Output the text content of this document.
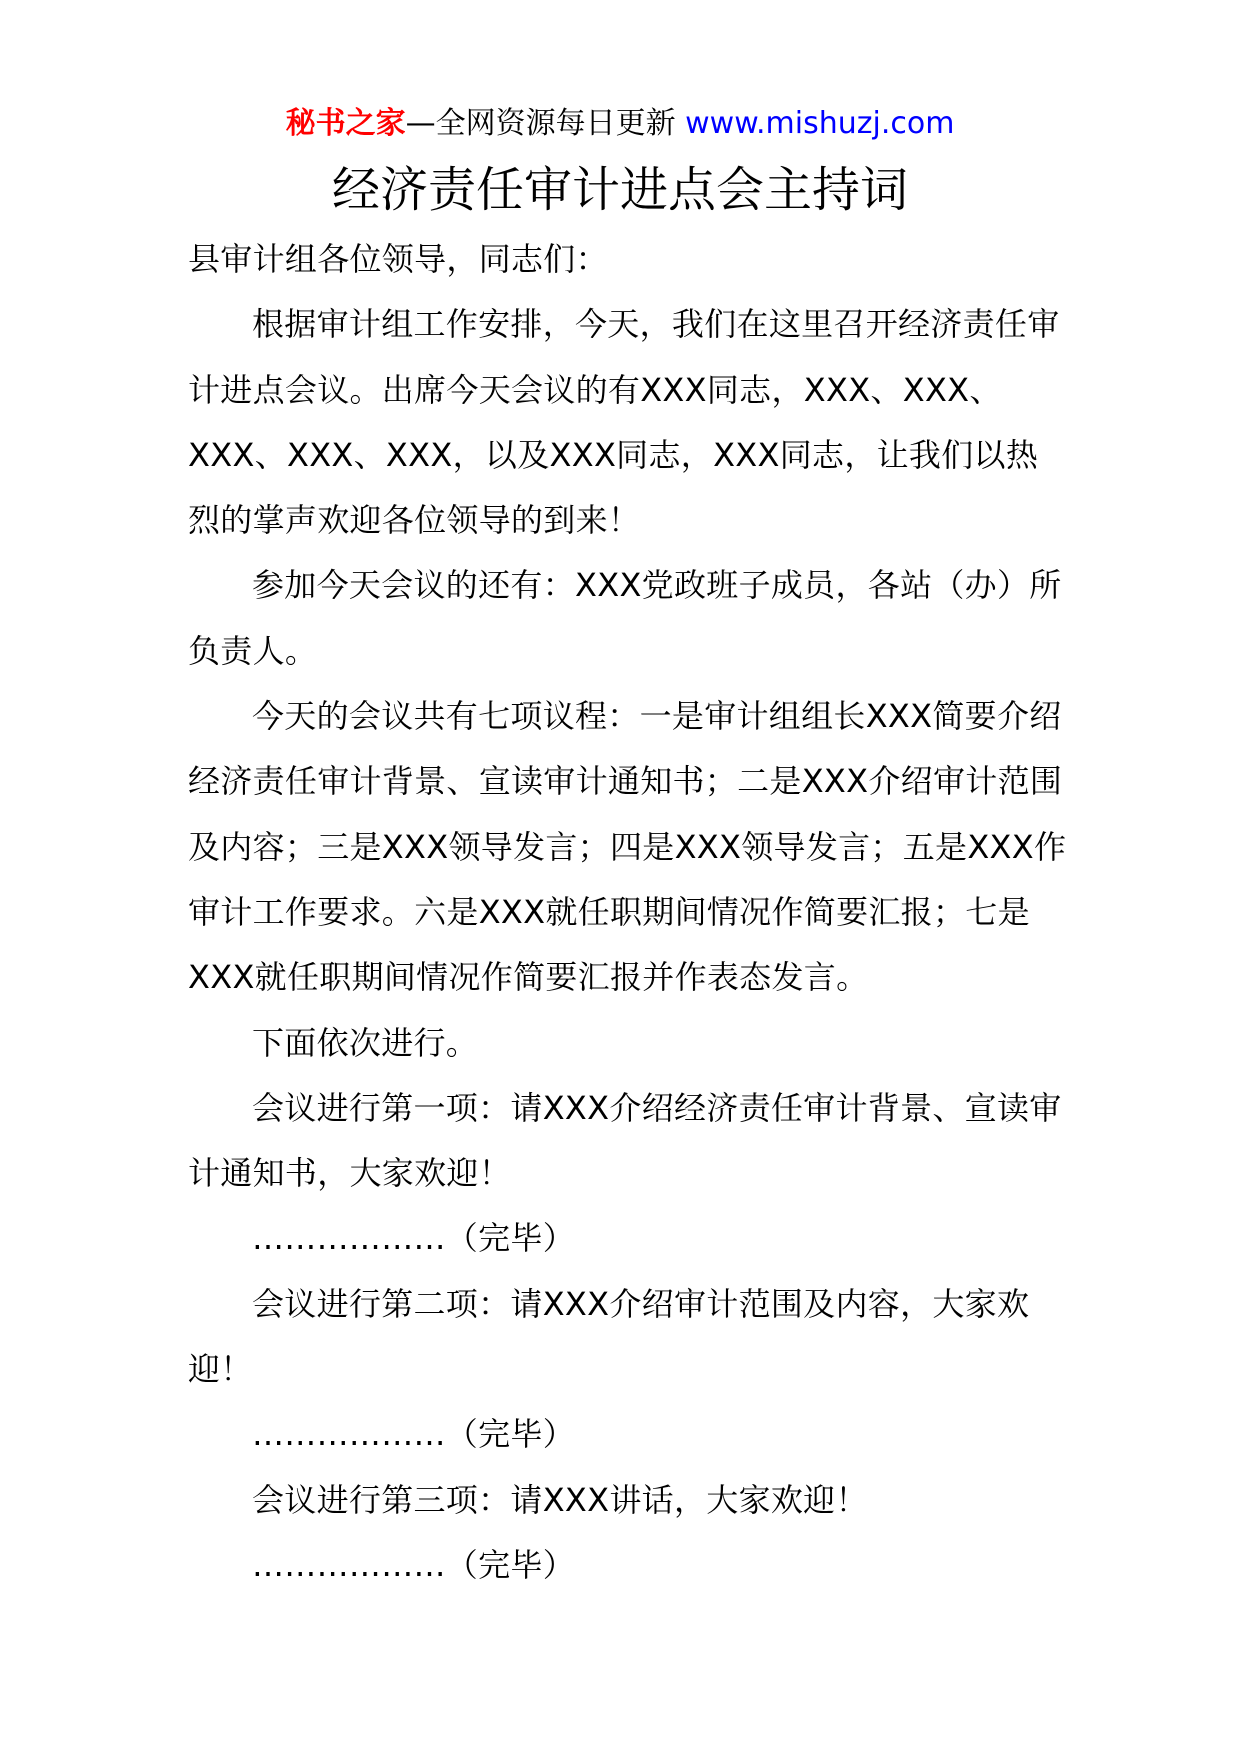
秘书之家—全网资源每日更新 www.mishuzj.com
经济责任审计进点会主持词

县审计组各位领导，同志们：

根据审计组工作安排，今天，我们在这里召开经济责任审计进点会议。出席今天会议的有XXX同志，XXX、XXX、XXX、XXX、XXX，以及XXX同志，XXX同志，让我们以热烈的掌声欢迎各位领导的到来！

参加今天会议的还有：XXX党政班子成员，各站（办）所负责人。

今天的会议共有七项议程：一是审计组组长XXX简要介绍经济责任审计背景、宣读审计通知书；二是XXX介绍审计范围及内容；三是XXX领导发言；四是XXX领导发言；五是XXX作审计工作要求。六是XXX就任职期间情况作简要汇报；七是XXX就任职期间情况作简要汇报并作表态发言。

下面依次进行。

会议进行第一项：请XXX介绍经济责任审计背景、宣读审计通知书，大家欢迎！

………………（完毕）

会议进行第二项：请XXX介绍审计范围及内容，大家欢迎！

………………（完毕）

会议进行第三项：请XXX讲话，大家欢迎！

………………（完毕）
